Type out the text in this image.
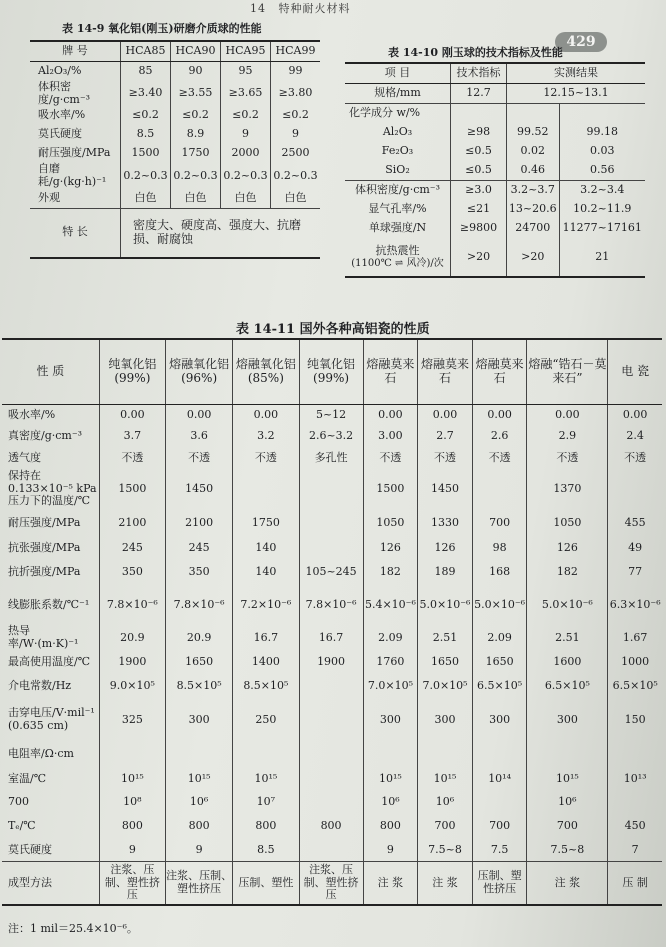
14 特种耐火材料
429
表 14-9 氧化铝(刚玉)研磨介质球的性能
牌 号	HCA85	HCA90	HCA95	HCA99
Al₂O₃/%	85	90	95	99
体积密度/g·cm⁻³	≥3.40	≥3.55	≥3.65	≥3.80
吸水率/%	≤0.2	≤0.2	≤0.2	≤0.2
莫氏硬度	8.5	8.9	9	9
耐压强度/MPa	1500	1750	2000	2500
自磨耗/g·(kg·h)⁻¹	0.2~0.3	0.2~0.3	0.2~0.3	0.2~0.3
外观	白色	白色	白色	白色
特 长	密度大、硬度高、强度大、抗磨损、耐腐蚀			
表 14-10 刚玉球的技术指标及性能
项 目	技术指标	实测结果	
规格/mm	12.7	12.15~13.1	
化学成分 w/%			
Al₂O₃	≥98	99.52	99.18
Fe₂O₃	≤0.5	0.02	0.03
SiO₂	≤0.5	0.46	0.56
体积密度/g·cm⁻³	≥3.0	3.2~3.7	3.2~3.4
显气孔率/%	≤21	13~20.6	10.2~11.9
单球强度/N	≥9800	24700	11277~17161

抗热震性
(1100℃ ⇌ 风冷)/次	>20	>20	21
表 14-11 国外各种高铝瓷的性质
性 质	纯氧化铝(99%)	熔融氧化铝(96%)	熔融氧化铝(85%)	纯氧化铝(99%)	熔融莫来石	熔融莫来石	熔融莫来石	熔融“锆石－莫来石”	电 瓷
吸水率/%	0.00	0.00	0.00	5~12	0.00	0.00	0.00	0.00	0.00
真密度/g·cm⁻³	3.7	3.6	3.2	2.6~3.2	3.00	2.7	2.6	2.9	2.4
透气度	不透	不透	不透	多孔性	不透	不透	不透	不透	不透
保持在 0.133×10⁻⁵ kPa 压力下的温度/℃	1500	1450			1500	1450		1370	
耐压强度/MPa	2100	2100	1750		1050	1330	700	1050	455
抗张强度/MPa	245	245	140		126	126	98	126	49
抗折强度/MPa	350	350	140	105~245	182	189	168	182	77
线膨胀系数/℃⁻¹	7.8×10⁻⁶	7.8×10⁻⁶	7.2×10⁻⁶	7.8×10⁻⁶	5.4×10⁻⁶	5.0×10⁻⁶	5.0×10⁻⁶	5.0×10⁻⁶	6.3×10⁻⁶
热导率/W·(m·K)⁻¹	20.9	20.9	16.7	16.7	2.09	2.51	2.09	2.51	1.67
最高使用温度/℃	1900	1650	1400	1900	1760	1650	1650	1600	1000
介电常数/Hz	9.0×10⁵	8.5×10⁵	8.5×10⁵		7.0×10⁵	7.0×10⁵	6.5×10⁵	6.5×10⁵	6.5×10⁵
击穿电压/V·mil⁻¹ (0.635 cm)	325	300	250		300	300	300	300	150
电阻率/Ω·cm									
室温/℃	10¹⁵	10¹⁵	10¹⁵		10¹⁵	10¹⁵	10¹⁴	10¹⁵	10¹³
700	10⁸	10⁶	10⁷		10⁶	10⁶		10⁶	
Tₑ/℃	800	800	800	800	800	700	700	700	450
莫氏硬度	9	9	8.5		9	7.5~8	7.5	7.5~8	7
成型方法	注浆、压制、塑性挤压	注浆、压制、塑性挤压	压制、塑性	注浆、压制、塑性挤压	注 浆	注 浆	压制、塑性挤压	注 浆	压 制
注：1 mil＝25.4×10⁻⁶。
